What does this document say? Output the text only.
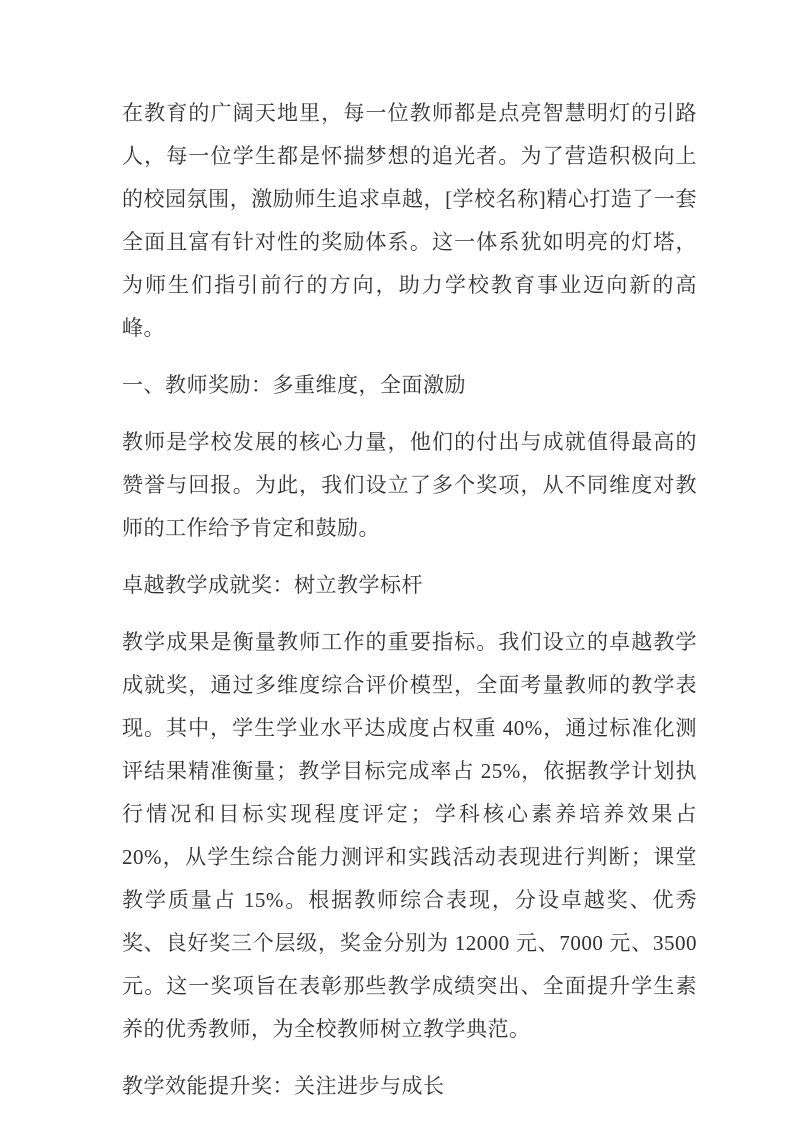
在教育的广阔天地里，每一位教师都是点亮智慧明灯的引路人，每一位学生都是怀揣梦想的追光者。为了营造积极向上的校园氛围，激励师生追求卓越，[学校名称]精心打造了一套全面且富有针对性的奖励体系。这一体系犹如明亮的灯塔，为师生们指引前行的方向，助力学校教育事业迈向新的高峰。

一、教师奖励：多重维度，全面激励

教师是学校发展的核心力量，他们的付出与成就值得最高的赞誉与回报。为此，我们设立了多个奖项，从不同维度对教师的工作给予肯定和鼓励。

卓越教学成就奖：树立教学标杆

教学成果是衡量教师工作的重要指标。我们设立的卓越教学成就奖，通过多维度综合评价模型，全面考量教师的教学表现。其中，学生学业水平达成度占权重 40%，通过标准化测评结果精准衡量；教学目标完成率占 25%，依据教学计划执行情况和目标实现程度评定；学科核心素养培养效果占 20%，从学生综合能力测评和实践活动表现进行判断；课堂教学质量占 15%。根据教师综合表现，分设卓越奖、优秀奖、良好奖三个层级，奖金分别为 12000 元、7000 元、3500 元。这一奖项旨在表彰那些教学成绩突出、全面提升学生素养的优秀教师，为全校教师树立教学典范。

教学效能提升奖：关注进步与成长
